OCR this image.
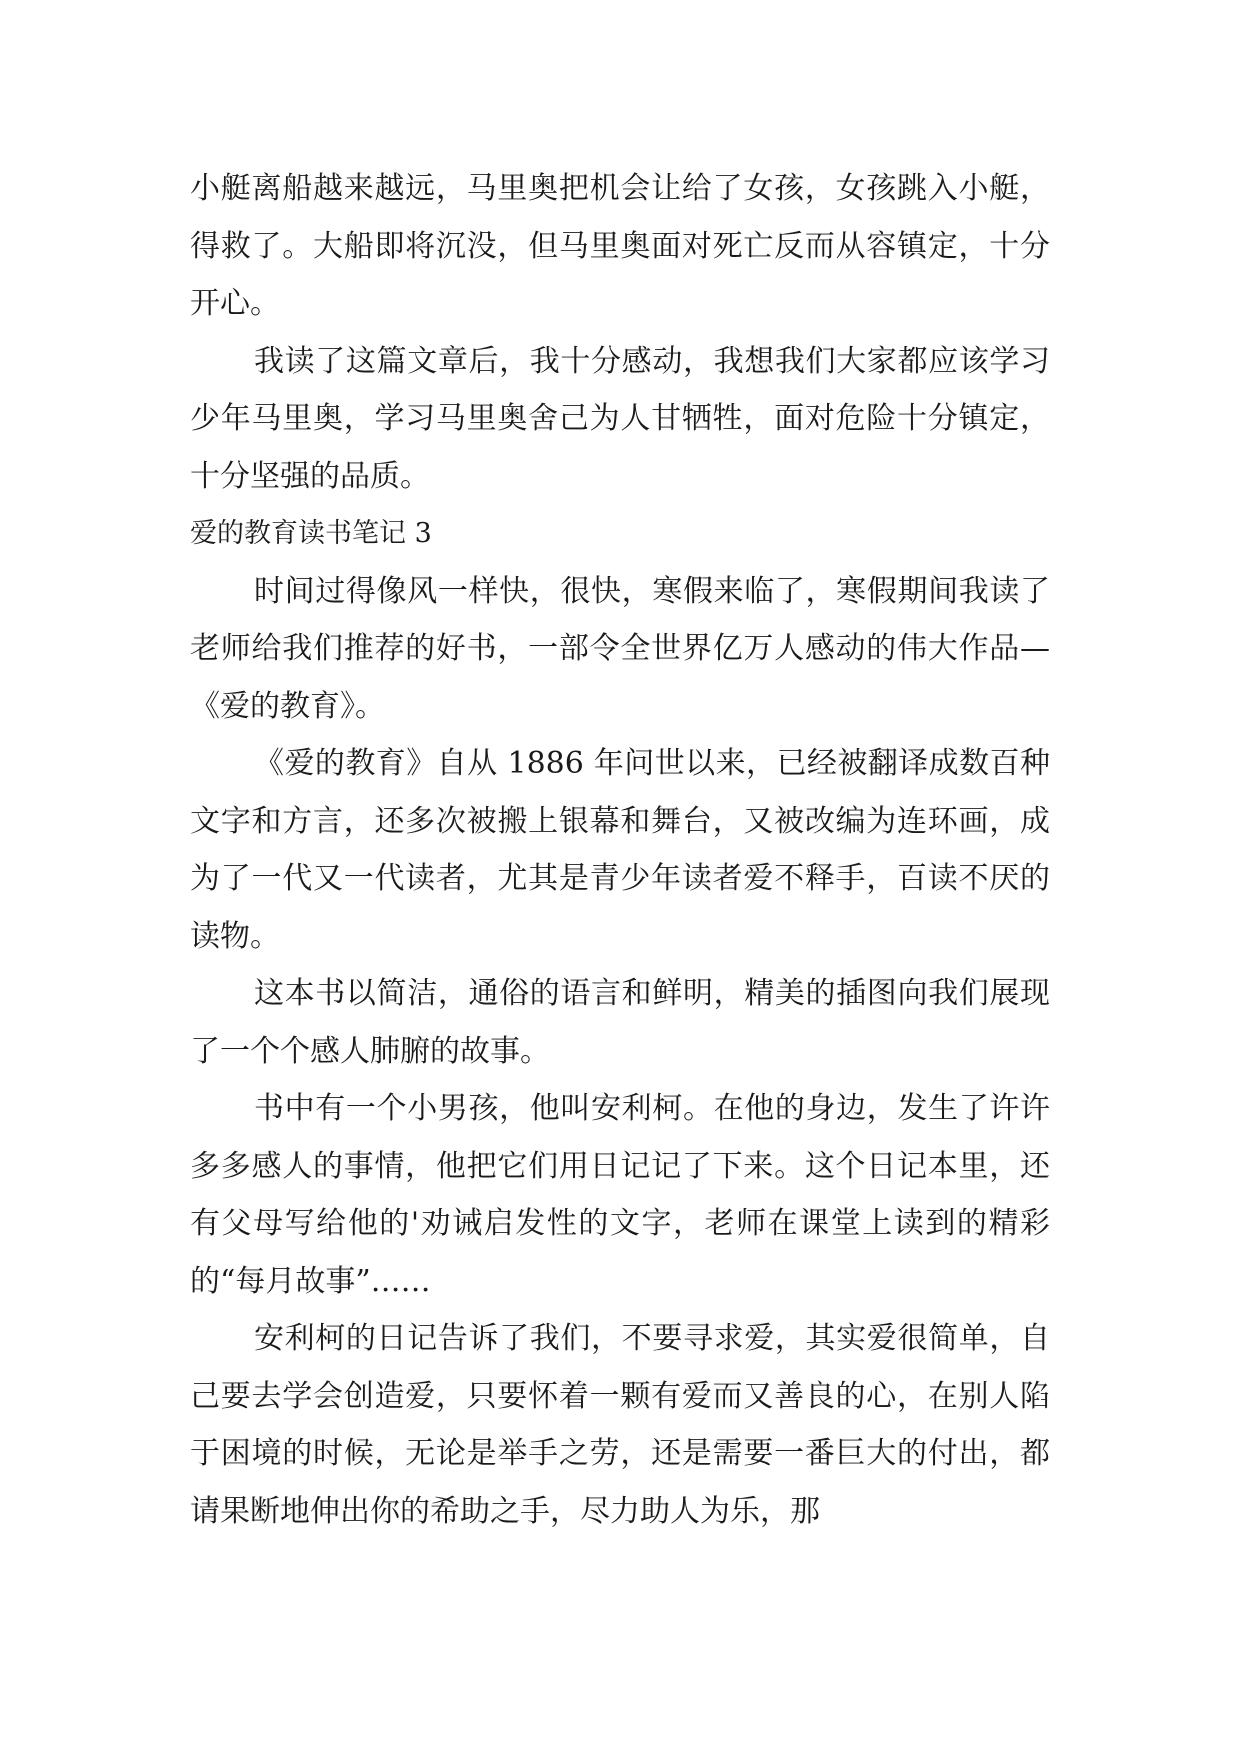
小艇离船越来越远，马里奥把机会让给了女孩，女孩跳入小艇，得救了。大船即将沉没，但马里奥面对死亡反而从容镇定，十分开心。

我读了这篇文章后，我十分感动，我想我们大家都应该学习少年马里奥，学习马里奥舍己为人甘牺牲，面对危险十分镇定，十分坚强的品质。

爱的教育读书笔记 3

时间过得像风一样快，很快，寒假来临了，寒假期间我读了老师给我们推荐的好书，一部令全世界亿万人感动的伟大作品—《爱的教育》。

《爱的教育》自从 1886 年问世以来，已经被翻译成数百种文字和方言，还多次被搬上银幕和舞台，又被改编为连环画，成为了一代又一代读者，尤其是青少年读者爱不释手，百读不厌的读物。

这本书以简洁，通俗的语言和鲜明，精美的插图向我们展现了一个个感人肺腑的故事。

书中有一个小男孩，他叫安利柯。在他的身边，发生了许许多多感人的事情，他把它们用日记记了下来。这个日记本里，还有父母写给他的'劝诫启发性的文字，老师在课堂上读到的精彩的“每月故事”……

安利柯的日记告诉了我们，不要寻求爱，其实爱很简单，自己要去学会创造爱，只要怀着一颗有爱而又善良的心，在别人陷于困境的时候，无论是举手之劳，还是需要一番巨大的付出，都请果断地伸出你的希助之手，尽力助人为乐，那
